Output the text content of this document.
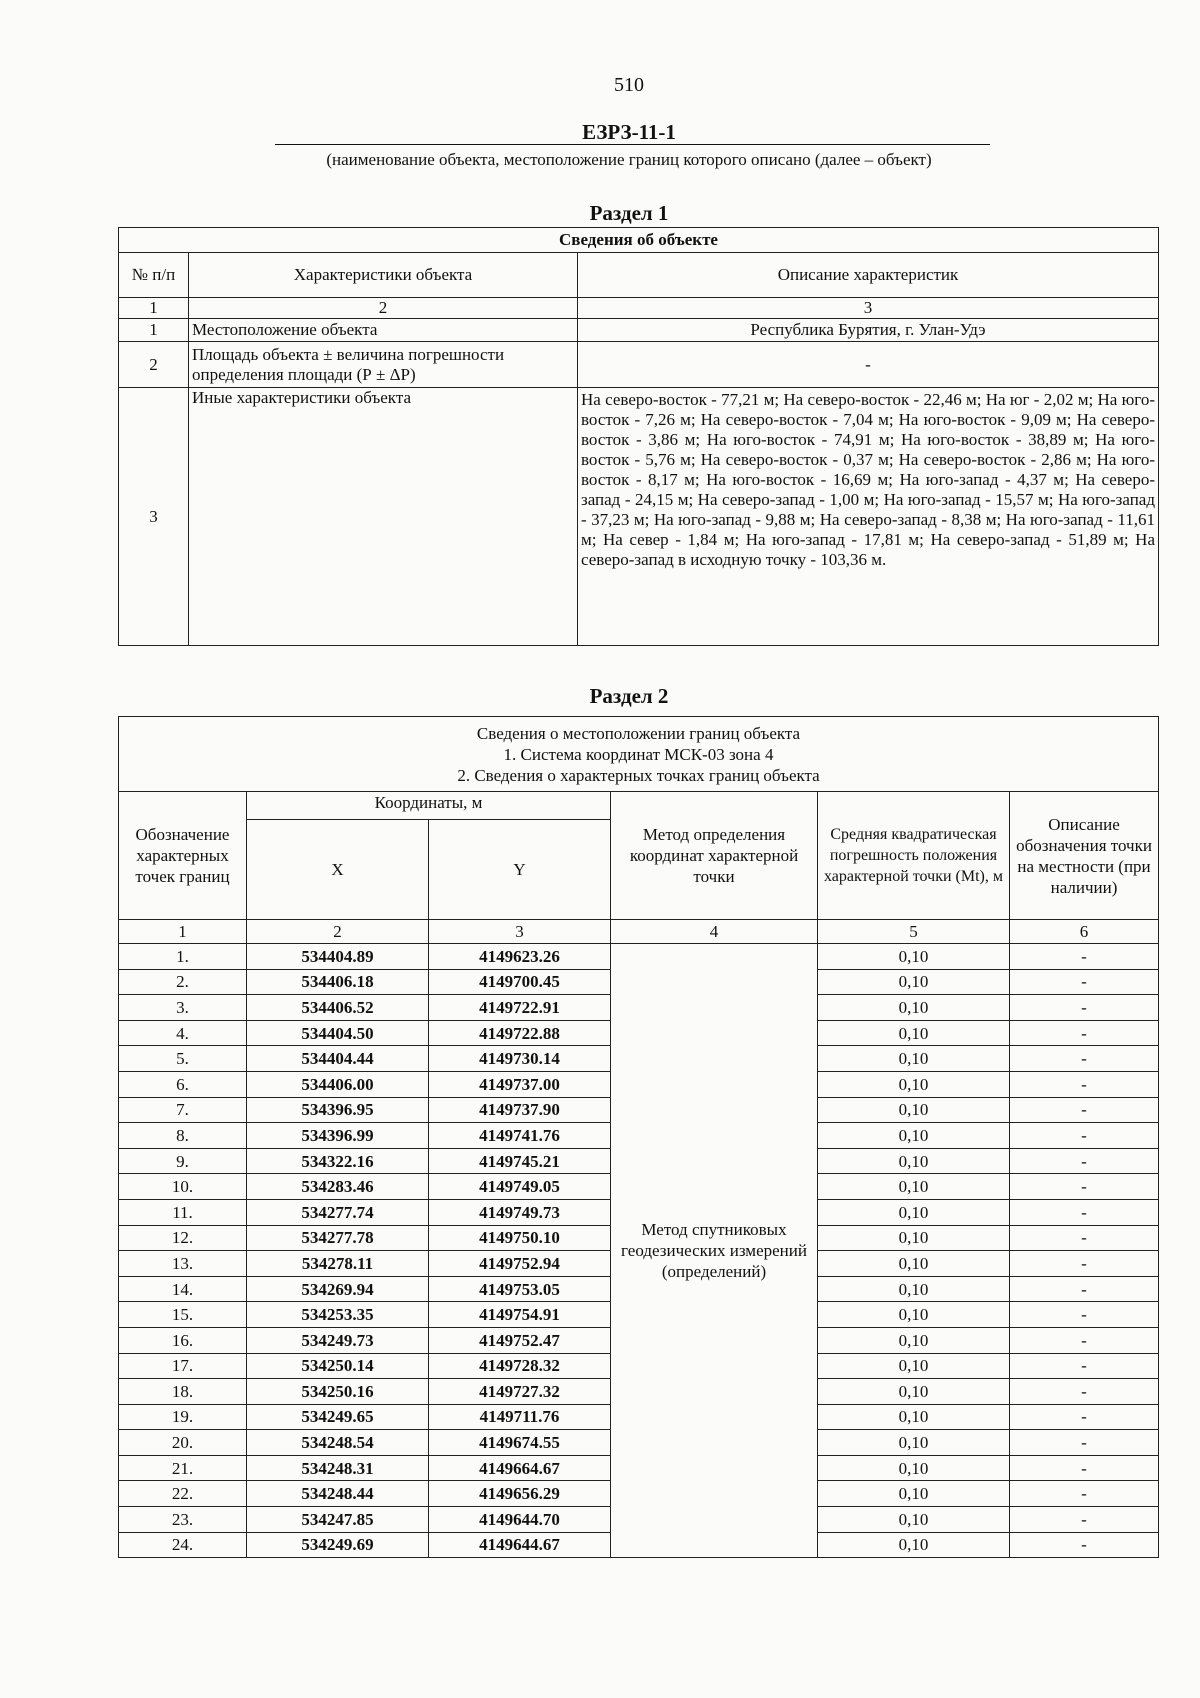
510
ЕЗРЗ-11-1
(наименование объекта, местоположение границ которого описано (далее – объект)
Раздел 1
Сведения об объекте		
№ п/п	Характеристики объекта	Описание характеристик
1	2	3
1	Местоположение объекта	Республика Бурятия, г. Улан-Удэ
2	Площадь объекта ± величина погрешности определения площади (Р ± ΔР)	-
3	Иные характеристики объекта	На северо-восток - 77,21 м; На северо-восток - 22,46 м; На юг - 2,02 м; На юго-восток - 7,26 м; На северо-восток - 7,04 м; На юго-восток - 9,09 м; На северо-восток - 3,86 м; На юго-восток - 74,91 м; На юго-восток - 38,89 м; На юго-восток - 5,76 м; На северо-восток - 0,37 м; На северо-восток - 2,86 м; На юго-восток - 8,17 м; На юго-восток - 16,69 м; На юго-запад - 4,37 м; На северо-запад - 24,15 м; На северо-запад - 1,00 м; На юго-запад - 15,57 м; На юго-запад - 37,23 м; На юго-запад - 9,88 м; На северо-запад - 8,38 м; На юго-запад - 11,61 м; На север - 1,84 м; На юго-запад - 17,81 м; На северо-запад - 51,89 м; На северо-запад в исходную точку - 103,36 м.
Раздел 2
Сведения о местоположении границ объекта
1. Система координат МСК-03 зона 4
2. Сведения о характерных точках границ объекта					

Обозначение характерных точек границ	Координаты, м		Метод определения координат характерной точки	Средняя квадратическая погрешность положения характерной точки (Mt), м	Описание обозначения точки на местности (при наличии)
	X	Y			
1	2	3	4	5	6
1.	534404.89	4149623.26	Метод спутниковых геодезических измерений (определений)	0,10	-
2.	534406.18	4149700.45		0,10	-
3.	534406.52	4149722.91		0,10	-
4.	534404.50	4149722.88		0,10	-
5.	534404.44	4149730.14		0,10	-
6.	534406.00	4149737.00		0,10	-
7.	534396.95	4149737.90		0,10	-
8.	534396.99	4149741.76		0,10	-
9.	534322.16	4149745.21		0,10	-
10.	534283.46	4149749.05		0,10	-
11.	534277.74	4149749.73		0,10	-
12.	534277.78	4149750.10		0,10	-
13.	534278.11	4149752.94		0,10	-
14.	534269.94	4149753.05		0,10	-
15.	534253.35	4149754.91		0,10	-
16.	534249.73	4149752.47		0,10	-
17.	534250.14	4149728.32		0,10	-
18.	534250.16	4149727.32		0,10	-
19.	534249.65	4149711.76		0,10	-
20.	534248.54	4149674.55		0,10	-
21.	534248.31	4149664.67		0,10	-
22.	534248.44	4149656.29		0,10	-
23.	534247.85	4149644.70		0,10	-
24.	534249.69	4149644.67		0,10	-
